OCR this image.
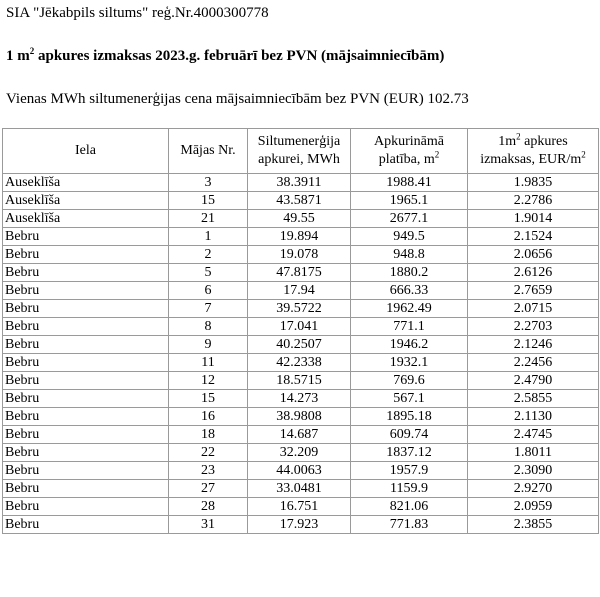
SIA "Jēkabpils siltums" reģ.Nr.4000300778
1 $m^2$ apkures izmaksas 2023.g. februārī bez PVN (mājsaimniecībām)
Vienas MWh siltumenerģijas cena mājsaimniecībām bez PVN (EUR) 102.73
Iela	Mājas Nr.	Siltumenerģija apkurei, MWh	Apkurināmā platība, $m^2$	$1m^2$ apkures izmaksas, EUR/$m^2$
Auseklīša	3	38.3911	1988.41	1.9835
Auseklīša	15	43.5871	1965.1	2.2786
Auseklīša	21	49.55	2677.1	1.9014
Bebru	1	19.894	949.5	2.1524
Bebru	2	19.078	948.8	2.0656
Bebru	5	47.8175	1880.2	2.6126
Bebru	6	17.94	666.33	2.7659
Bebru	7	39.5722	1962.49	2.0715
Bebru	8	17.041	771.1	2.2703
Bebru	9	40.2507	1946.2	2.1246
Bebru	11	42.2338	1932.1	2.2456
Bebru	12	18.5715	769.6	2.4790
Bebru	15	14.273	567.1	2.5855
Bebru	16	38.9808	1895.18	2.1130
Bebru	18	14.687	609.74	2.4745
Bebru	22	32.209	1837.12	1.8011
Bebru	23	44.0063	1957.9	2.3090
Bebru	27	33.0481	1159.9	2.9270
Bebru	28	16.751	821.06	2.0959
Bebru	31	17.923	771.83	2.3855
